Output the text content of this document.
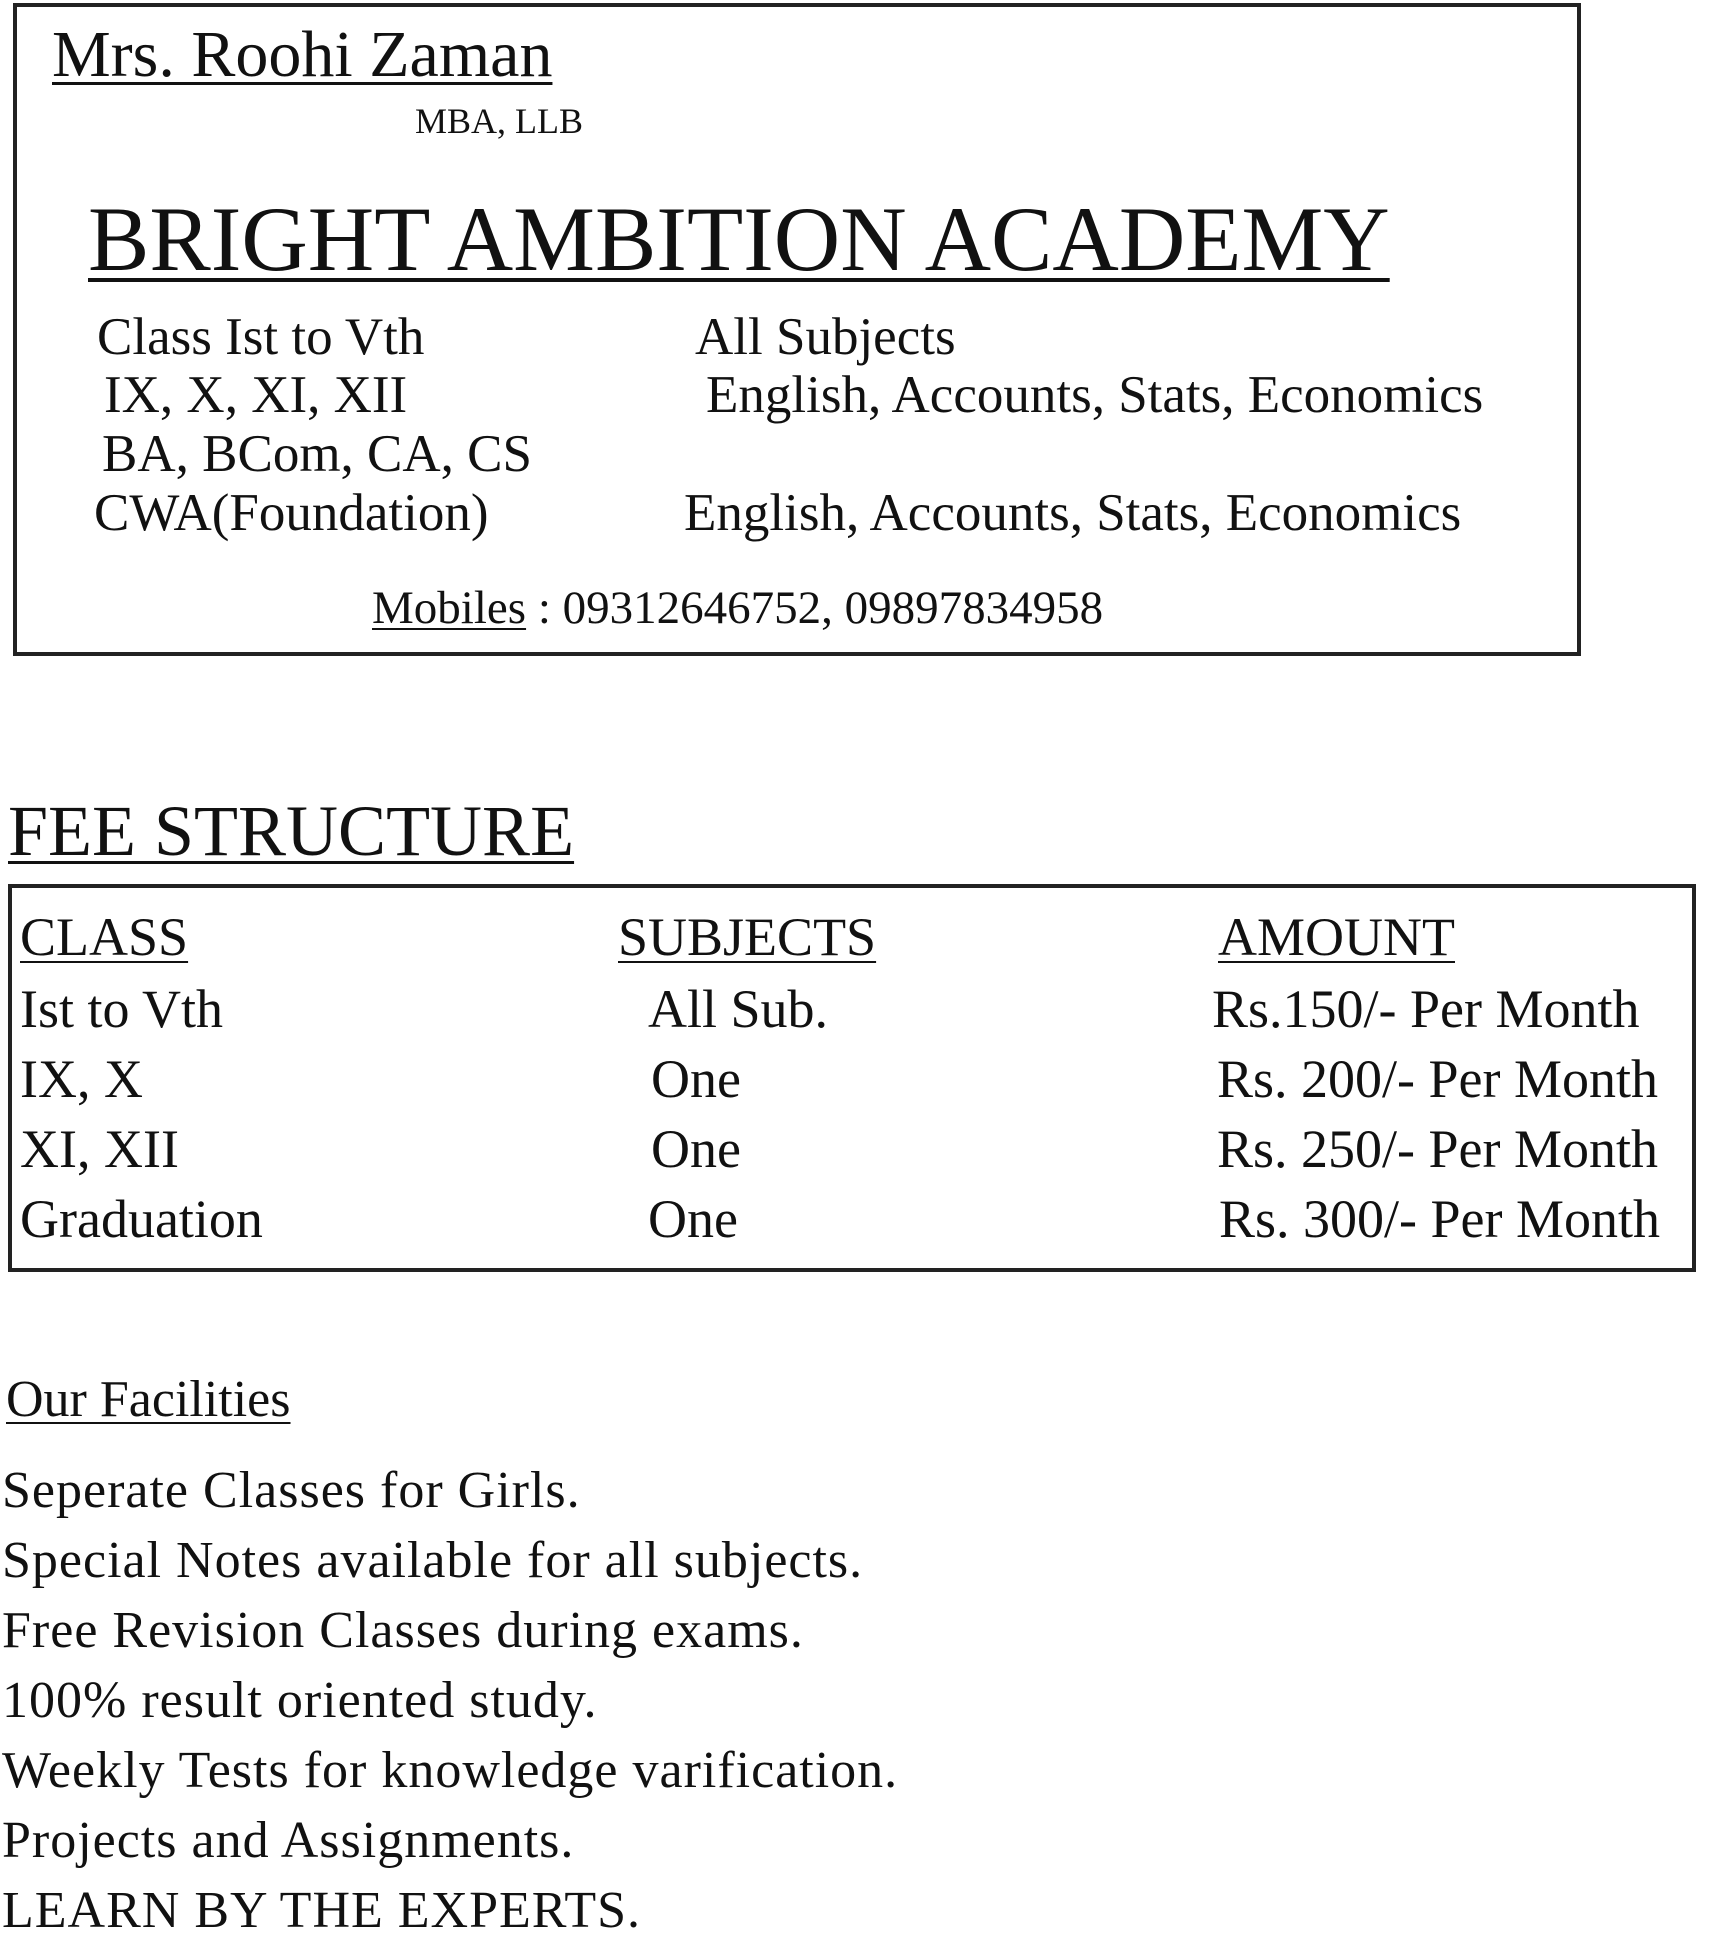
Mrs. Roohi Zaman
MBA, LLB
BRIGHT AMBITION ACADEMY
Class Ist to Vth	All Subjects
IX, X, XI, XII	English, Accounts, Stats, Economics
BA, BCom, CA, CS
CWA(Foundation)	English, Accounts, Stats, Economics
Mobiles : 09312646752, 09897834958
FEE STRUCTURE
CLASS	SUBJECTS	AMOUNT
Ist to Vth	All Sub.	Rs.150/- Per Month
IX, X	One	Rs. 200/- Per Month
XI, XII	One	Rs. 250/- Per Month
Graduation	One	Rs. 300/- Per Month
Our Facilities
Seperate Classes for Girls.
Special Notes available for all subjects.
Free Revision Classes during exams.
100% result oriented study.
Weekly Tests for knowledge varification.
Projects and Assignments.
LEARN BY THE EXPERTS.
